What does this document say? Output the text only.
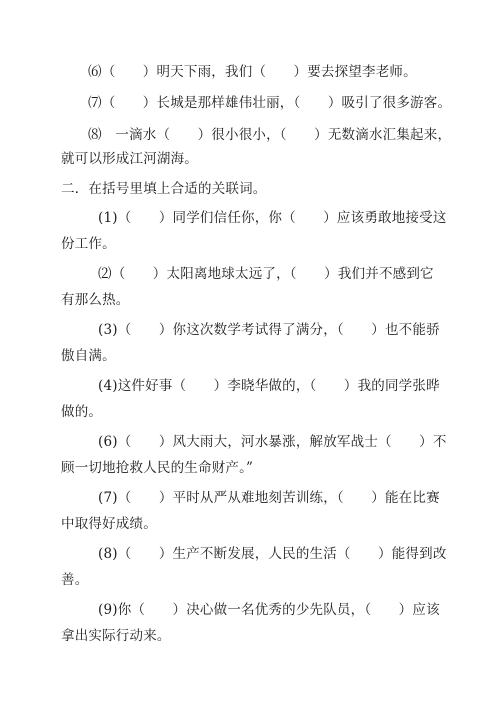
⑹（　　）明天下雨，我们（　　）要去探望李老师。
⑺（　　）长城是那样雄伟壮丽，（　　）吸引了很多游客。
⑻　一滴水（　　）很小很小，（　　）无数滴水汇集起来，
就可以形成江河湖海。
二．在括号里填上合适的关联词。
(1)（　　）同学们信任你，你（　　）应该勇敢地接受这
份工作。
⑵（　　）太阳离地球太远了，（　　）我们并不感到它
有那么热。
(3)（　　）你这次数学考试得了满分，（　　）也不能骄
傲自满。
(4)这件好事（　　）李晓华做的，（　　）我的同学张晔
做的。
(6)（　　）风大雨大，河水暴涨，解放军战士（　　）不
顾一切地抢救人民的生命财产。”
(7)（　　）平时从严从难地刻苦训练，（　　）能在比赛
中取得好成绩。
(8)（　　）生产不断发展，人民的生活（　　）能得到改
善。
(9)你（　　）决心做一名优秀的少先队员，（　　）应该
拿出实际行动来。
